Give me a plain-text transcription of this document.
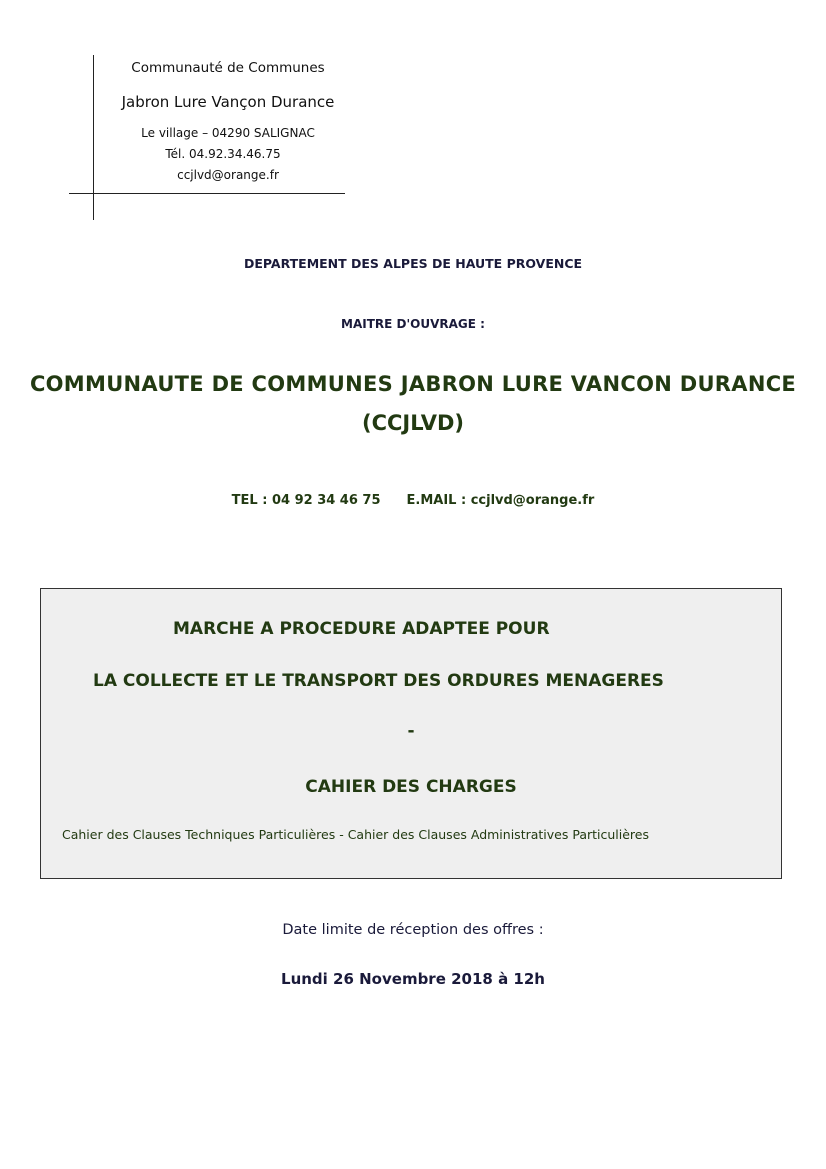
Communauté de Communes
Jabron Lure Vançon Durance
Le village – 04290 SALIGNAC
Tél. 04.92.34.46.75
ccjlvd@orange.fr
DEPARTEMENT DES ALPES DE HAUTE PROVENCE
MAITRE D'OUVRAGE :
COMMUNAUTE DE COMMUNES JABRON LURE VANCON DURANCE
(CCJLVD)
TEL : 04 92 34 46 75 E.MAIL : ccjlvd@orange.fr
MARCHE A PROCEDURE ADAPTEE POUR
LA COLLECTE ET LE TRANSPORT DES ORDURES MENAGERES
-
CAHIER DES CHARGES
Cahier des Clauses Techniques Particulières - Cahier des Clauses Administratives Particulières
Date limite de réception des offres :
Lundi 26 Novembre 2018 à 12h
